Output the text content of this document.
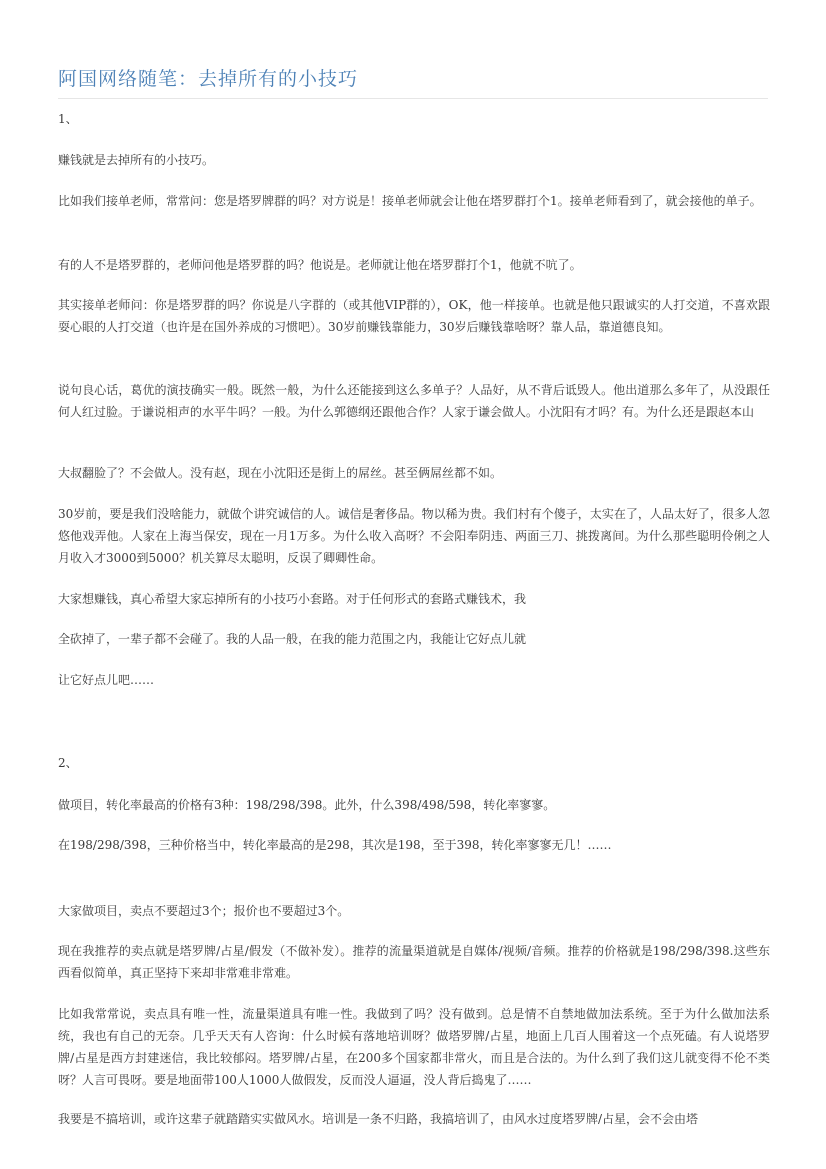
阿国网络随笔：去掉所有的小技巧

1、

赚钱就是去掉所有的小技巧。

比如我们接单老师，常常问：您是塔罗牌群的吗？对方说是！接单老师就会让他在塔罗群打个1。接单老师看到了，就会接他的单子。

有的人不是塔罗群的，老师问他是塔罗群的吗？他说是。老师就让他在塔罗群打个1，他就不吭了。

其实接单老师问：你是塔罗群的吗？你说是八字群的（或其他VIP群的），OK，他一样接单。也就是他只跟诚实的人打交道，不喜欢跟耍心眼的人打交道（也许是在国外养成的习惯吧）。30岁前赚钱靠能力，30岁后赚钱靠啥呀？靠人品，靠道德良知。

说句良心话，葛优的演技确实一般。既然一般，为什么还能接到这么多单子？人品好，从不背后诋毁人。他出道那么多年了，从没跟任何人红过脸。于谦说相声的水平牛吗？一般。为什么郭德纲还跟他合作？人家于谦会做人。小沈阳有才吗？有。为什么还是跟赵本山

大叔翻脸了？不会做人。没有赵，现在小沈阳还是街上的屌丝。甚至俩屌丝都不如。

30岁前，要是我们没啥能力，就做个讲究诚信的人。诚信是奢侈品。物以稀为贵。我们村有个傻子，太实在了，人品太好了，很多人忽悠他戏弄他。人家在上海当保安，现在一月1万多。为什么收入高呀？不会阳奉阴违、两面三刀、挑拨离间。为什么那些聪明伶俐之人月收入才3000到5000？机关算尽太聪明，反误了卿卿性命。

大家想赚钱，真心希望大家忘掉所有的小技巧小套路。对于任何形式的套路式赚钱术，我

全砍掉了，一辈子都不会碰了。我的人品一般，在我的能力范围之内，我能让它好点儿就

让它好点儿吧……

2、

做项目，转化率最高的价格有3种：198/298/398。此外，什么398/498/598，转化率寥寥。

在198/298/398，三种价格当中，转化率最高的是298，其次是198，至于398，转化率寥寥无几！……

大家做项目，卖点不要超过3个；报价也不要超过3个。

现在我推荐的卖点就是塔罗牌/占星/假发（不做补发）。推荐的流量渠道就是自媒体/视频/音频。推荐的价格就是198/298/398.这些东西看似简单，真正坚持下来却非常难非常难。

比如我常常说，卖点具有唯一性，流量渠道具有唯一性。我做到了吗？没有做到。总是情不自禁地做加法系统。至于为什么做加法系统，我也有自己的无奈。几乎天天有人咨询：什么时候有落地培训呀？做塔罗牌/占星，地面上几百人围着这一个点死磕。有人说塔罗牌/占星是西方封建迷信，我比较郁闷。塔罗牌/占星，在200多个国家都非常火，而且是合法的。为什么到了我们这儿就变得不伦不类呀？人言可畏呀。要是地面带100人1000人做假发，反而没人逼逼，没人背后捣鬼了……

我要是不搞培训，或许这辈子就踏踏实实做风水。培训是一条不归路，我搞培训了，由风水过度塔罗牌/占星，会不会由塔
